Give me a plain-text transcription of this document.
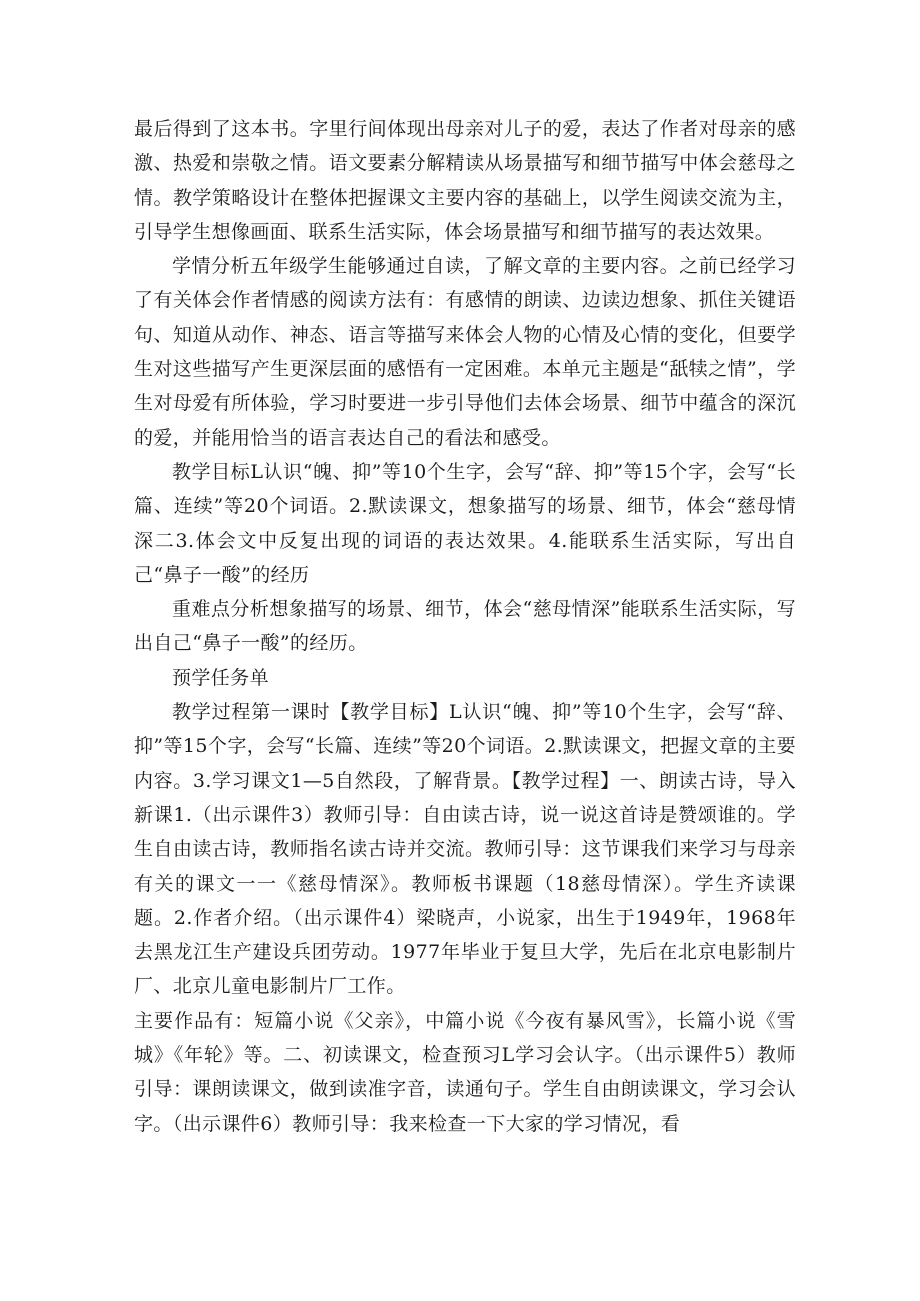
最后得到了这本书。字里行间体现出母亲对儿子的爱，表达了作者对母亲的感激、热爱和崇敬之情。语文要素分解精读从场景描写和细节描写中体会慈母之情。教学策略设计在整体把握课文主要内容的基础上，以学生阅读交流为主，引导学生想像画面、联系生活实际，体会场景描写和细节描写的表达效果。

学情分析五年级学生能够通过自读，了解文章的主要内容。之前已经学习了有关体会作者情感的阅读方法有：有感情的朗读、边读边想象、抓住关键语句、知道从动作、神态、语言等描写来体会人物的心情及心情的变化，但要学生对这些描写产生更深层面的感悟有一定困难。本单元主题是“舐犊之情”，学生对母爱有所体验，学习时要进一步引导他们去体会场景、细节中蕴含的深沉的爱，并能用恰当的语言表达自己的看法和感受。

教学目标L认识“魄、抑”等10个生字，会写“辞、抑”等15个字，会写“长篇、连续”等20个词语。2.默读课文，想象描写的场景、细节，体会“慈母情深二3.体会文中反复出现的词语的表达效果。4.能联系生活实际，写出自己“鼻子一酸”的经历

重难点分析想象描写的场景、细节，体会“慈母情深”能联系生活实际，写出自己“鼻子一酸”的经历。

预学任务单

教学过程第一课时【教学目标】L认识“魄、抑”等10个生字，会写“辞、抑”等15个字，会写“长篇、连续”等20个词语。2.默读课文，把握文章的主要内容。3.学习课文1—5自然段，了解背景。【教学过程】一、朗读古诗，导入新课1.（出示课件3）教师引导：自由读古诗，说一说这首诗是赞颂谁的。学生自由读古诗，教师指名读古诗并交流。教师引导：这节课我们来学习与母亲有关的课文一一《慈母情深》。教师板书课题（18慈母情深）。学生齐读课题。2.作者介绍。（出示课件4）梁晓声，小说家，出生于1949年，1968年去黑龙江生产建设兵团劳动。1977年毕业于复旦大学，先后在北京电影制片厂、北京儿童电影制片厂工作。

主要作品有：短篇小说《父亲》，中篇小说《今夜有暴风雪》，长篇小说《雪城》《年轮》等。二、初读课文，检查预习L学习会认字。（出示课件5）教师引导：课朗读课文，做到读准字音，读通句子。学生自由朗读课文，学习会认字。（出示课件6）教师引导：我来检查一下大家的学习情况，看
